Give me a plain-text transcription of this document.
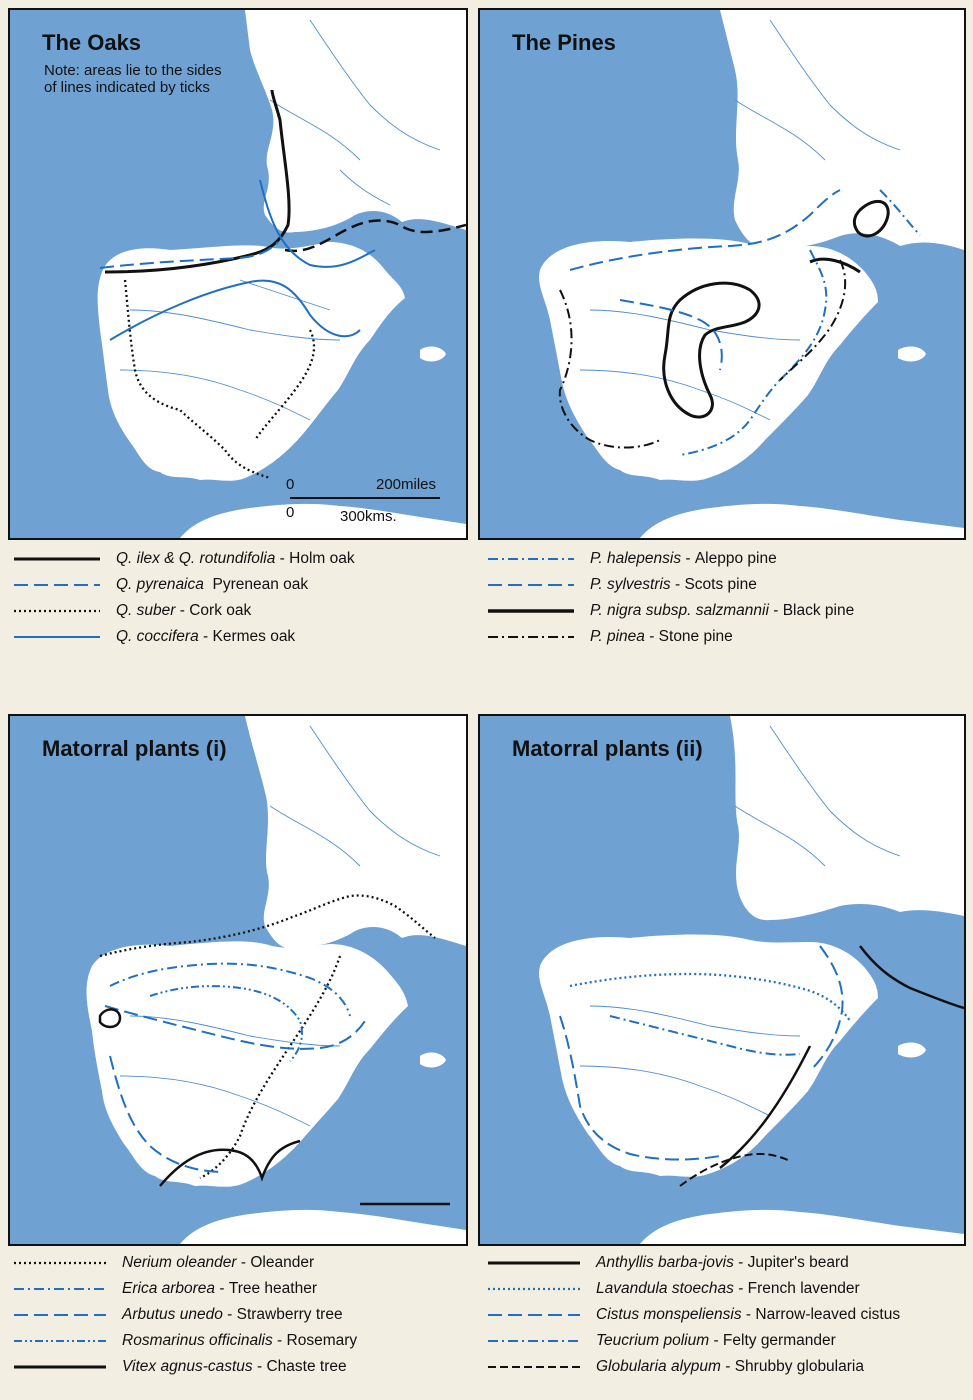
The Oaks
Note: areas lie to the sides
of lines indicated by ticks
0	200miles
0	300kms.
The Pines
Q. ilex & Q. rotundifolia - Holm oak
Q. pyrenaica
Pyrenean oak
Q. suber - Cork oak
Q. coccifera - Kermes oak
P. halepensis - Aleppo pine
P. sylvestris - Scots pine
P. nigra subsp. salzmannii - Black pine
P. pinea - Stone pine
Matorral plants (i)	Matorral plants (ii)
Nerium oleander - Oleander
Erica arborea - Tree heather
Arbutus unedo - Strawberry tree
Rosmarinus officinalis - Rosemary
Vitex agnus-castus - Chaste tree
Anthyllis barba-jovis - Jupiter's beard
Lavandula stoechas - French lavender
Cistus monspeliensis - Narrow-leaved cistus
Teucrium polium - Felty germander
Globularia alypum - Shrubby globularia
